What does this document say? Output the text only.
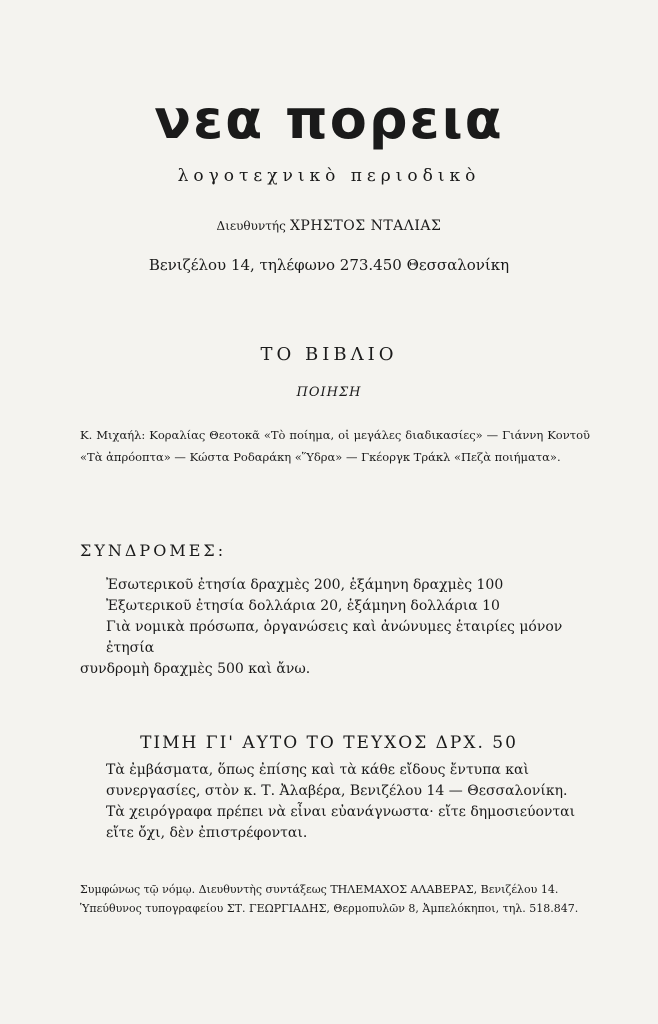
νεα πορεια
λογοτεχνικὸ περιοδικὸ
Διευθυντής ΧΡΗΣΤΟΣ ΝΤΑΛΙΑΣ
Βενιζέλου 14, τηλέφωνο 273.450 Θεσσαλονίκη
ΤΟ ΒΙΒΛΙΟ
ΠΟΙΗΣΗ
Κ. Μιχαήλ: Κοραλίας Θεοτοκᾶ «Τὸ ποίημα, οἱ μεγάλες διαδικασίες» — Γιάννη Κοντοῦ «Τὰ ἀπρόοπτα» — Κώστα Ροδαράκη «Ὕδρα» — Γκέοργκ Τράκλ «Πεζὰ ποιήματα».
ΣΥΝΔΡΟΜΕΣ:
Ἐσωτερικοῦ ἐτησία δραχμὲς 200, ἑξάμηνη δραχμὲς 100
Ἐξωτερικοῦ ἐτησία δολλάρια 20, ἑξάμηνη δολλάρια 10
Γιὰ νομικὰ πρόσωπα, ὀργανώσεις καὶ ἀνώνυμες ἑταιρίες μόνον ἐτησία
συνδρομὴ δραχμὲς 500 καὶ ἄνω.
ΤΙΜΗ ΓΙ' ΑΥΤΟ ΤΟ ΤΕΥΧΟΣ ΔΡΧ. 50
Τὰ ἐμβάσματα, ὅπως ἐπίσης καὶ τὰ κάθε εἴδους ἔντυπα καὶ συνεργασίες, στὸν κ. Τ. Ἀλαβέρα, Βενιζέλου 14 — Θεσσαλονίκη.
Τὰ χειρόγραφα πρέπει νὰ εἶναι εὐανάγνωστα· εἴτε δημοσιεύονται εἴτε ὄχι, δὲν ἐπιστρέφονται.
Συμφώνως τῷ νόμῳ. Διευθυντὴς συντάξεως ΤΗΛΕΜΑΧΟΣ ΑΛΑΒΕΡΑΣ, Βενιζέλου 14. Ὑπεύθυνος τυπογραφείου ΣΤ. ΓΕΩΡΓΙΑΔΗΣ, Θερμοπυλῶν 8, Ἀμπελόκηποι, τηλ. 518.847.
